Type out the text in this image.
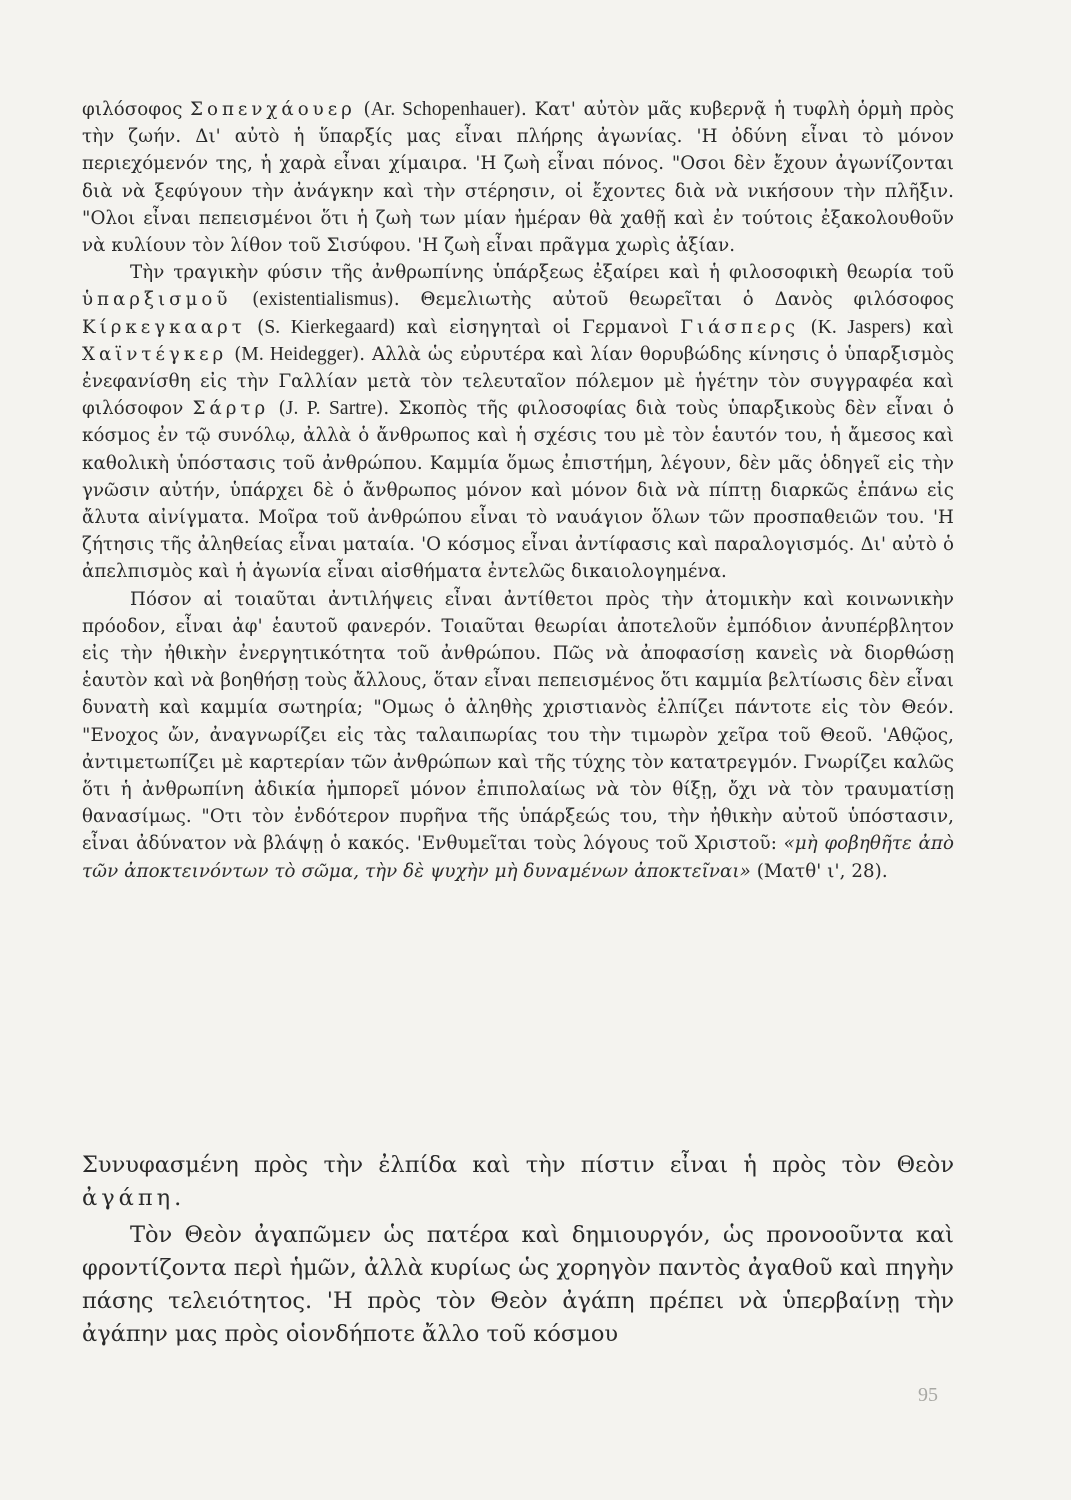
φιλόσοφος Σοπενχάουερ (Ar. Schopenhauer). Κατ' αὐτὸν μᾶς κυβερνᾷ ἡ τυφλὴ ὁρμὴ πρὸς τὴν ζωήν. Δι' αὐτὸ ἡ ὕπαρξίς μας εἶναι πλήρης ἀγωνίας. 'Η ὀδύνη εἶναι τὸ μόνον περιεχόμενόν της, ἡ χαρὰ εἶναι χίμαιρα. 'Η ζωὴ εἶναι πόνος. "Οσοι δὲν ἔχουν ἀγωνίζονται διὰ νὰ ξεφύγουν τὴν ἀνάγκην καὶ τὴν στέρησιν, οἱ ἔχοντες διὰ νὰ νικήσουν τὴν πλῆξιν. "Ολοι εἶναι πεπεισμένοι ὅτι ἡ ζωὴ των μίαν ἡμέραν θὰ χαθῇ καὶ ἐν τούτοις ἐξακολουθοῦν νὰ κυλίουν τὸν λίθον τοῦ Σισύφου. 'Η ζωὴ εἶναι πρᾶγμα χωρὶς ἀξίαν.

Τὴν τραγικὴν φύσιν τῆς ἀνθρωπίνης ὑπάρξεως ἐξαίρει καὶ ἡ φιλοσοφικὴ θεωρία τοῦ ὑπαρξισμοῦ (existentialismus). Θεμελιωτὴς αὐτοῦ θεωρεῖται ὁ Δανὸς φιλόσοφος Κίρκεγκααρτ (S. Kierkegaard) καὶ εἰσηγηταὶ οἱ Γερμανοὶ Γιάσπερς (K. Jaspers) καὶ Χαϊντέγκερ (M. Heidegger). Αλλὰ ὡς εὐρυτέρα καὶ λίαν θορυβώδης κίνησις ὁ ὑπαρξισμὸς ἐνεφανίσθη εἰς τὴν Γαλλίαν μετὰ τὸν τελευταῖον πόλεμον μὲ ἡγέτην τὸν συγγραφέα καὶ φιλόσοφον Σάρτρ (J. P. Sartre). Σκοπὸς τῆς φιλοσοφίας διὰ τοὺς ὑπαρξικοὺς δὲν εἶναι ὁ κόσμος ἐν τῷ συνόλῳ, ἀλλὰ ὁ ἄνθρωπος καὶ ἡ σχέσις του μὲ τὸν ἑαυτόν του, ἡ ἄμεσος καὶ καθολικὴ ὑπόστασις τοῦ ἀνθρώπου. Καμμία ὅμως ἐπιστήμη, λέγουν, δὲν μᾶς ὁδηγεῖ εἰς τὴν γνῶσιν αὐτήν, ὑπάρχει δὲ ὁ ἄνθρωπος μόνον καὶ μόνον διὰ νὰ πίπτῃ διαρκῶς ἐπάνω εἰς ἄλυτα αἰνίγματα. Μοῖρα τοῦ ἀνθρώπου εἶναι τὸ ναυάγιον ὅλων τῶν προσπαθειῶν του. 'Η ζήτησις τῆς ἀληθείας εἶναι ματαία. 'Ο κόσμος εἶναι ἀντίφασις καὶ παραλογισμός. Δι' αὐτὸ ὁ ἀπελπισμὸς καὶ ἡ ἀγωνία εἶναι αἰσθήματα ἐντελῶς δικαιολογημένα.

Πόσον αἱ τοιαῦται ἀντιλήψεις εἶναι ἀντίθετοι πρὸς τὴν ἀτομικὴν καὶ κοινωνικὴν πρόοδον, εἶναι ἀφ' ἑαυτοῦ φανερόν. Τοιαῦται θεωρίαι ἀποτελοῦν ἐμπόδιον ἀνυπέρβλητον εἰς τὴν ἠθικὴν ἐνεργητικότητα τοῦ ἀνθρώπου. Πῶς νὰ ἀποφασίσῃ κανεὶς νὰ διορθώσῃ ἑαυτὸν καὶ νὰ βοηθήσῃ τοὺς ἄλλους, ὅταν εἶναι πεπεισμένος ὅτι καμμία βελτίωσις δὲν εἶναι δυνατὴ καὶ καμμία σωτηρία; "Ομως ὁ ἀληθὴς χριστιανὸς ἐλπίζει πάντοτε εἰς τὸν Θεόν. "Ενοχος ὤν, ἀναγνωρίζει εἰς τὰς ταλαιπωρίας του τὴν τιμωρὸν χεῖρα τοῦ Θεοῦ. 'Αθῷος, ἀντιμετωπίζει μὲ καρτερίαν τῶν ἀνθρώπων καὶ τῆς τύχης τὸν κατατρεγμόν. Γνωρίζει καλῶς ὅτι ἡ ἀνθρωπίνη ἀδικία ἠμπορεῖ μόνον ἐπιπολαίως νὰ τὸν θίξῃ, ὄχι νὰ τὸν τραυματίσῃ θανασίμως. "Οτι τὸν ἐνδότερον πυρῆνα τῆς ὑπάρξεώς του, τὴν ἠθικὴν αὐτοῦ ὑπόστασιν, εἶναι ἀδύνατον νὰ βλάψῃ ὁ κακός. 'Ενθυμεῖται τοὺς λόγους τοῦ Χριστοῦ: «μὴ φοβηθῆτε ἀπὸ τῶν ἀποκτεινόντων τὸ σῶμα, τὴν δὲ ψυχὴν μὴ δυναμένων ἀποκτεῖναι» (Ματθ' ι', 28).

Συνυφασμένη πρὸς τὴν ἐλπίδα καὶ τὴν πίστιν εἶναι ἡ πρὸς τὸν Θεὸν ἀγάπη.

Τὸν Θεὸν ἀγαπῶμεν ὡς πατέρα καὶ δημιουργόν, ὡς προνοοῦντα καὶ φροντίζοντα περὶ ἡμῶν, ἀλλὰ κυρίως ὡς χορηγὸν παντὸς ἀγαθοῦ καὶ πηγὴν πάσης τελειότητος. 'Η πρὸς τὸν Θεὸν ἀγάπη πρέπει νὰ ὑπερβαίνῃ τὴν ἀγάπην μας πρὸς οἱονδήποτε ἄλλο τοῦ κόσμου

95
